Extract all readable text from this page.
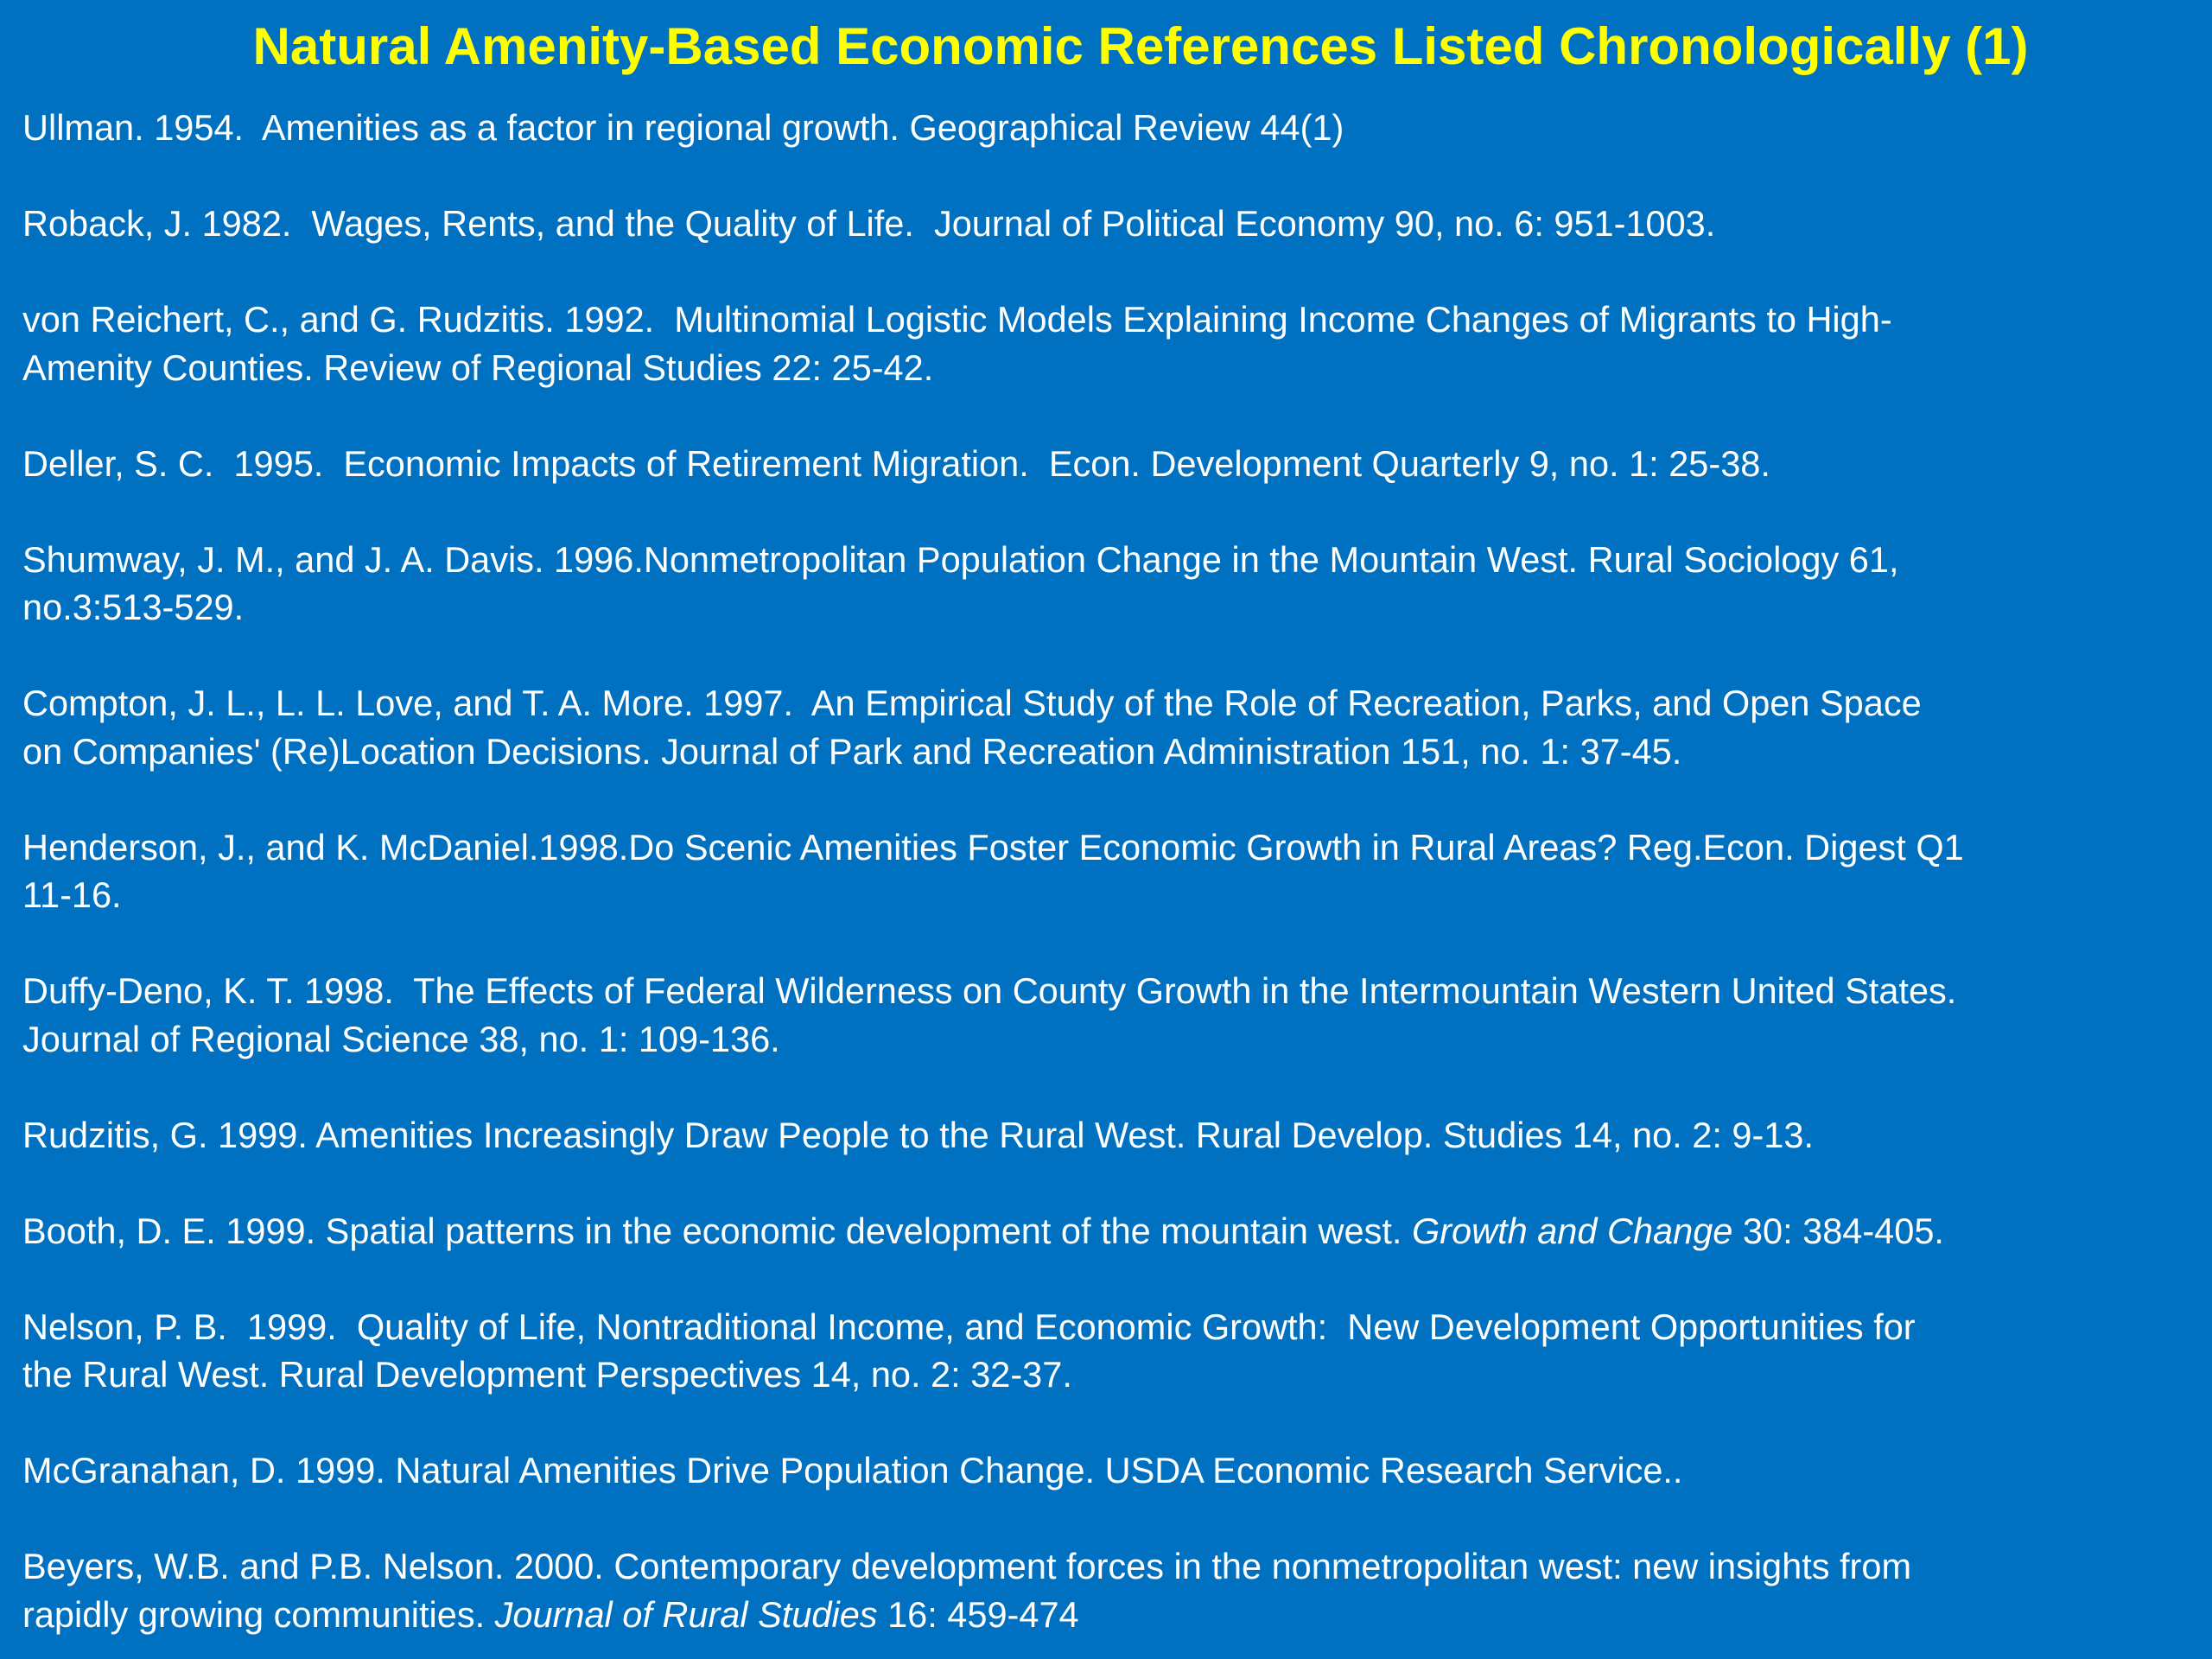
Natural Amenity-Based Economic References Listed Chronologically (1)
Ullman. 1954.  Amenities as a factor in regional growth. Geographical Review 44(1)
Roback, J. 1982.  Wages, Rents, and the Quality of Life.  Journal of Political Economy 90, no. 6: 951-1003.
von Reichert, C., and G. Rudzitis. 1992.  Multinomial Logistic Models Explaining Income Changes of Migrants to High-
Amenity Counties. Review of Regional Studies 22: 25-42.
Deller, S. C.  1995.  Economic Impacts of Retirement Migration.  Econ. Development Quarterly 9, no. 1: 25-38.
Shumway, J. M., and J. A. Davis. 1996.Nonmetropolitan Population Change in the Mountain West. Rural Sociology 61,
no.3:513-529.
Compton, J. L., L. L. Love, and T. A. More. 1997.  An Empirical Study of the Role of Recreation, Parks, and Open Space
on Companies' (Re)Location Decisions. Journal of Park and Recreation Administration 151, no. 1: 37-45.
Henderson, J., and K. McDaniel.1998.Do Scenic Amenities Foster Economic Growth in Rural Areas? Reg.Econ. Digest Q1
11-16.
Duffy-Deno, K. T. 1998.  The Effects of Federal Wilderness on County Growth in the Intermountain Western United States.
Journal of Regional Science 38, no. 1: 109-136.
Rudzitis, G. 1999. Amenities Increasingly Draw People to the Rural West. Rural Develop. Studies 14, no. 2: 9-13.
Booth, D. E. 1999. Spatial patterns in the economic development of the mountain west. Growth and Change 30: 384-405.
Nelson, P. B.  1999.  Quality of Life, Nontraditional Income, and Economic Growth:  New Development Opportunities for
the Rural West. Rural Development Perspectives 14, no. 2: 32-37.
McGranahan, D. 1999. Natural Amenities Drive Population Change. USDA Economic Research Service..
Beyers, W.B. and P.B. Nelson. 2000. Contemporary development forces in the nonmetropolitan west: new insights from
rapidly growing communities. Journal of Rural Studies 16: 459-474
